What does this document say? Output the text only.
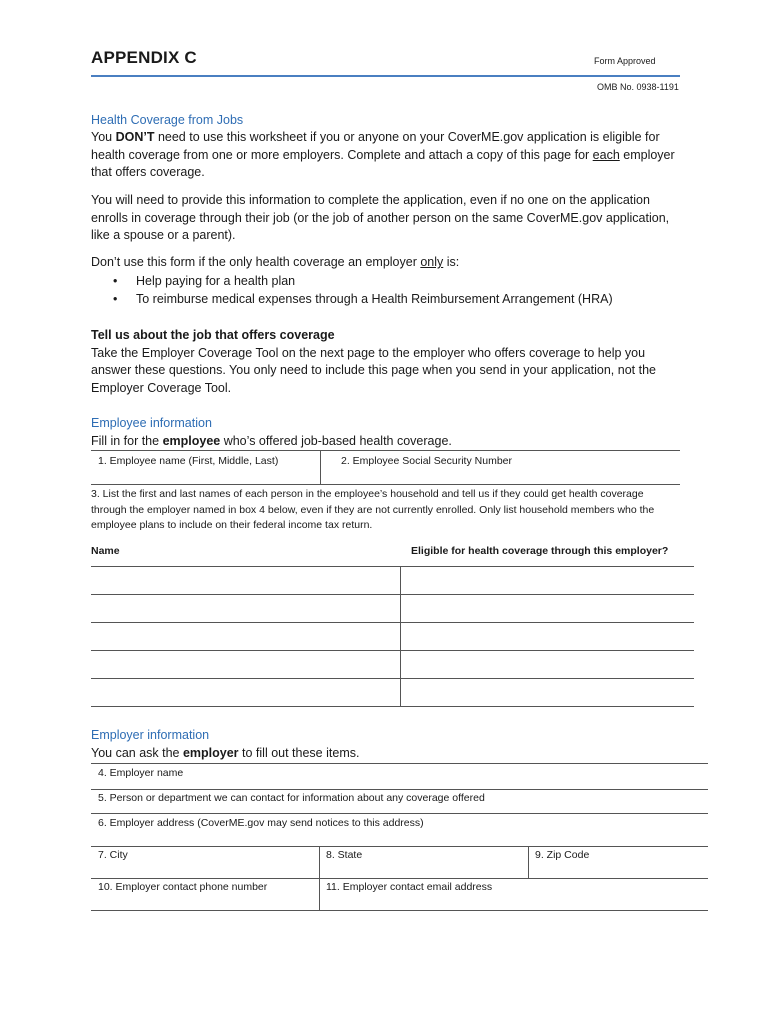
APPENDIX C	Form Approved
OMB No. 0938-1191
Health Coverage from Jobs

You DON’T need to use this worksheet if you or anyone on your CoverME.gov application is eligible for health coverage from one or more employers. Complete and attach a copy of this page for each employer that offers coverage.

You will need to provide this information to complete the application, even if no one on the application enrolls in coverage through their job (or the job of another person on the same CoverME.gov application, like a spouse or a parent).

Don’t use this form if the only health coverage an employer only is:

• Help paying for a health plan
• To reimburse medical expenses through a Health Reimbursement Arrangement (HRA)

Tell us about the job that offers coverage

Take the Employer Coverage Tool on the next page to the employer who offers coverage to help you answer these questions. You only need to include this page when you send in your application, not the Employer Coverage Tool.

Employee information

Fill in for the employee who’s offered job-based health coverage.

1. Employee name (First, Middle, Last)	2. Employee Social Security Number
3. List the first and last names of each person in the employee’s household and tell us if they could get health coverage through the employer named in box 4 below, even if they are not currently enrolled. Only list household members who the employee plans to include on their federal income tax return.
Name	Eligible for health coverage through this employer?
Employer information

You can ask the employer to fill out these items.

4. Employer name
5. Person or department we can contact for information about any coverage offered
6. Employer address (CoverME.gov may send notices to this address)
7. City	8. State	9. Zip Code
10. Employer contact phone number	11. Employer contact email address
